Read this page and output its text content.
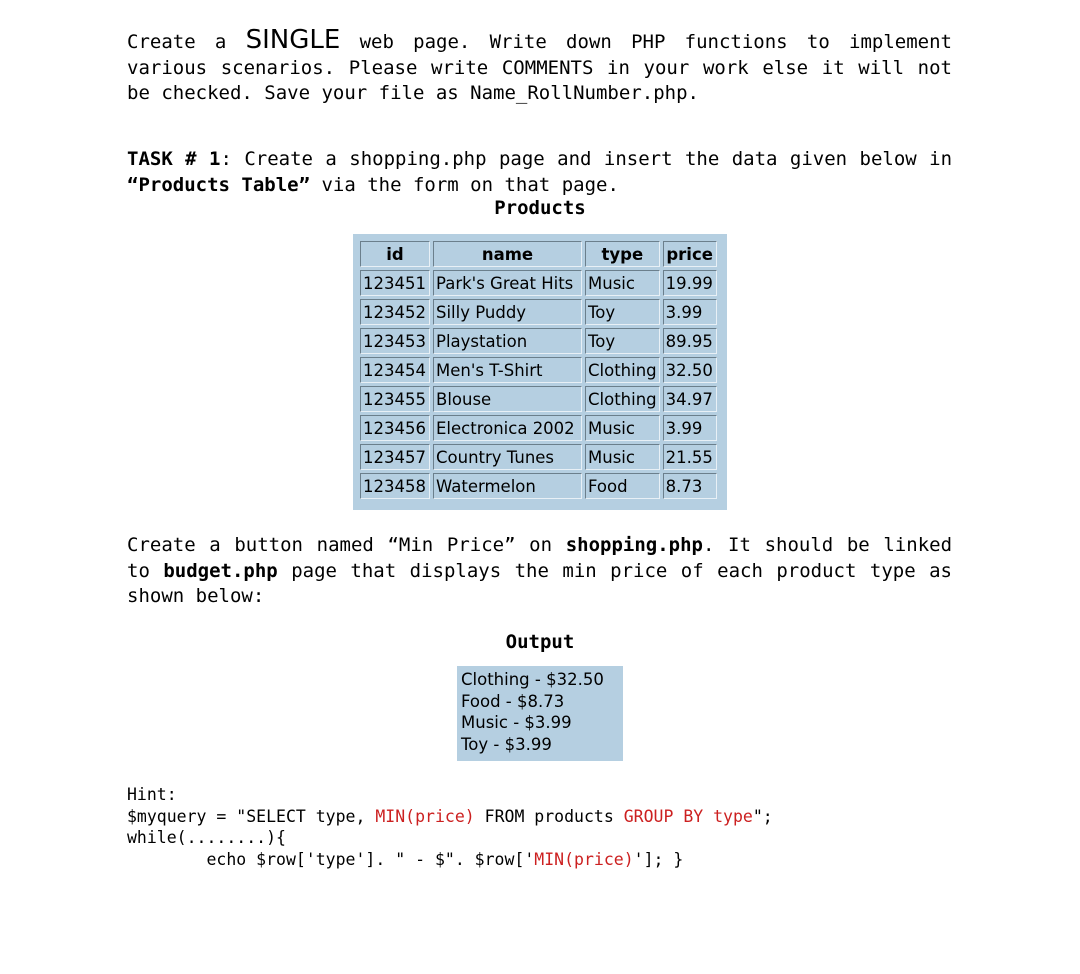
Create a SINGLE web page. Write down PHP functions to implement various scenarios. Please write COMMENTS in your work else it will not be checked. Save your file as Name_RollNumber.php.

TASK # 1: Create a shopping.php page and insert the data given below in “Products Table” via the form on that page.

Products

id	name	type	price
123451	Park's Great Hits	Music	19.99
123452	Silly Puddy	Toy	3.99
123453	Playstation	Toy	89.95
123454	Men's T-Shirt	Clothing	32.50
123455	Blouse	Clothing	34.97
123456	Electronica 2002	Music	3.99
123457	Country Tunes	Music	21.55
123458	Watermelon	Food	8.73

Create a button named “Min Price” on shopping.php. It should be linked to budget.php page that displays the min price of each product type as shown below:

Output

Clothing - $32.50
Food - $8.73
Music - $3.99
Toy - $3.99
Hint:
$myquery = "SELECT type, MIN(price) FROM products GROUP BY type";
while(........){
echo $row['type']. " - $". $row['MIN(price)']; }
